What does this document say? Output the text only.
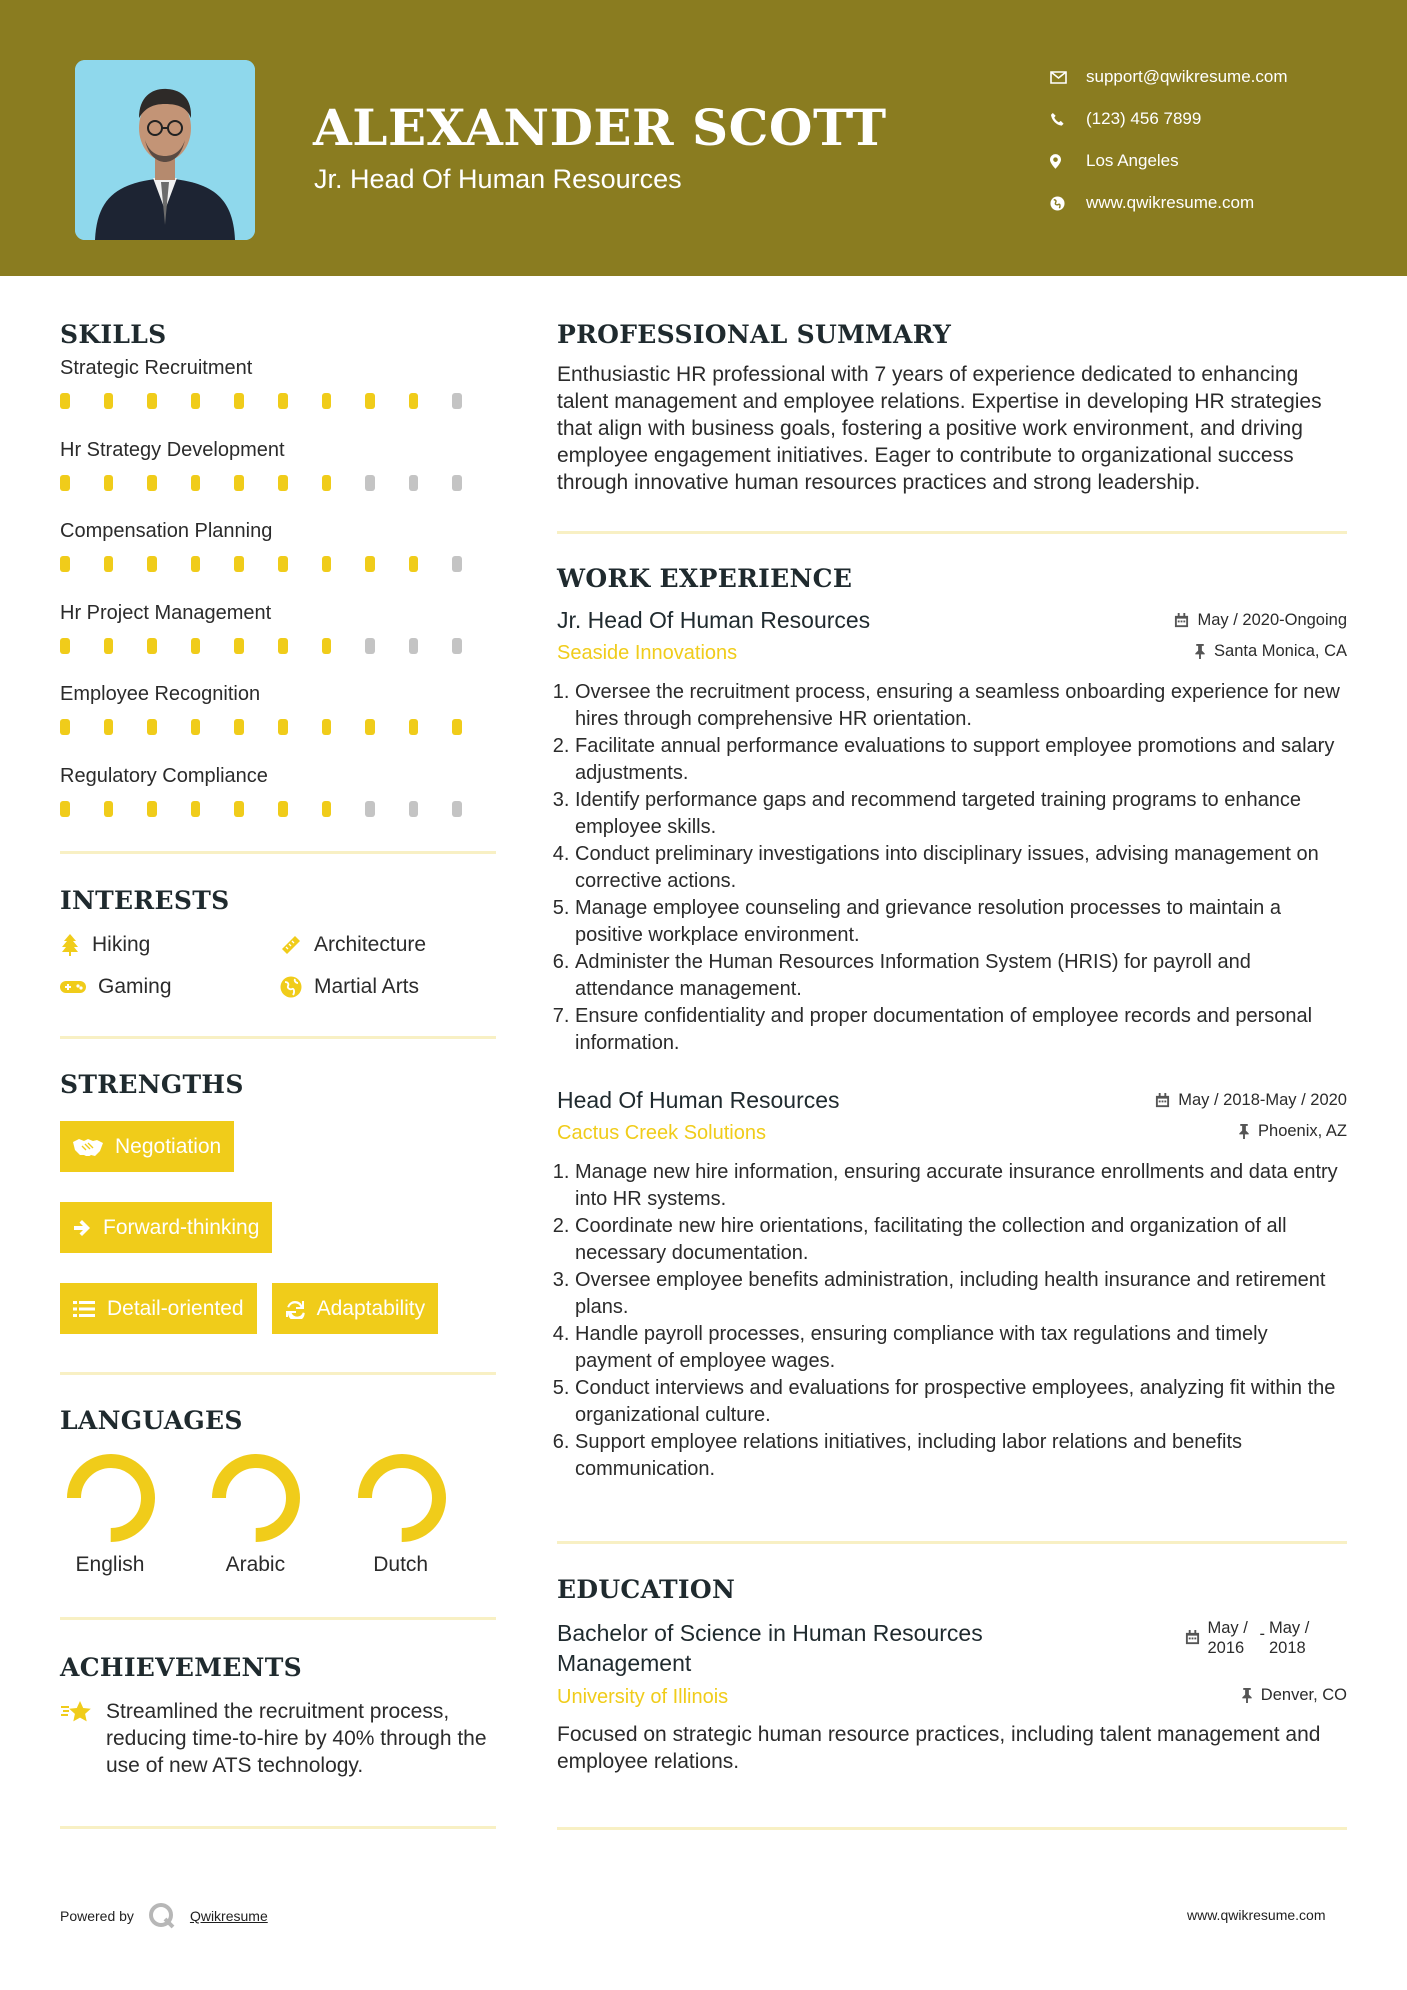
ALEXANDER SCOTT
Jr. Head Of Human Resources
support@qwikresume.com
(123) 456 7899
Los Angeles
www.qwikresume.com
SKILLS
Strategic Recruitment
Hr Strategy Development
Compensation Planning
Hr Project Management
Employee Recognition
Regulatory Compliance
INTERESTS
Hiking	Architecture
Gaming	Martial Arts
STRENGTHS
Negotiation
Forward-thinking
Detail-oriented	Adaptability
LANGUAGES
English	Arabic	Dutch
ACHIEVEMENTS
Streamlined the recruitment process, reducing time-to-hire by 40% through the use of new ATS technology.
PROFESSIONAL SUMMARY
Enthusiastic HR professional with 7 years of experience dedicated to enhancing talent management and employee relations. Expertise in developing HR strategies that align with business goals, fostering a positive work environment, and driving employee engagement initiatives. Eager to contribute to organizational success through innovative human resources practices and strong leadership.
WORK EXPERIENCE
Jr. Head Of Human Resources	May / 2020-Ongoing
Seaside Innovations	Santa Monica, CA
1. Oversee the recruitment process, ensuring a seamless onboarding experience for new hires through comprehensive HR orientation.
2. Facilitate annual performance evaluations to support employee promotions and salary adjustments.
3. Identify performance gaps and recommend targeted training programs to enhance employee skills.
4. Conduct preliminary investigations into disciplinary issues, advising management on corrective actions.
5. Manage employee counseling and grievance resolution processes to maintain a positive workplace environment.
6. Administer the Human Resources Information System (HRIS) for payroll and attendance management.
7. Ensure confidentiality and proper documentation of employee records and personal information.
Head Of Human Resources	May / 2018-May / 2020
Cactus Creek Solutions	Phoenix, AZ
1. Manage new hire information, ensuring accurate insurance enrollments and data entry into HR systems.
2. Coordinate new hire orientations, facilitating the collection and organization of all necessary documentation.
3. Oversee employee benefits administration, including health insurance and retirement plans.
4. Handle payroll processes, ensuring compliance with tax regulations and timely payment of employee wages.
5. Conduct interviews and evaluations for prospective employees, analyzing fit within the organizational culture.
6. Support employee relations initiatives, including labor relations and benefits communication.
EDUCATION
Bachelor of Science in Human Resources Management
May / 2016
- May / 2018
University of Illinois	Denver, CO
Focused on strategic human resource practices, including talent management and employee relations.
Powered by	Qwikresume	www.qwikresume.com
